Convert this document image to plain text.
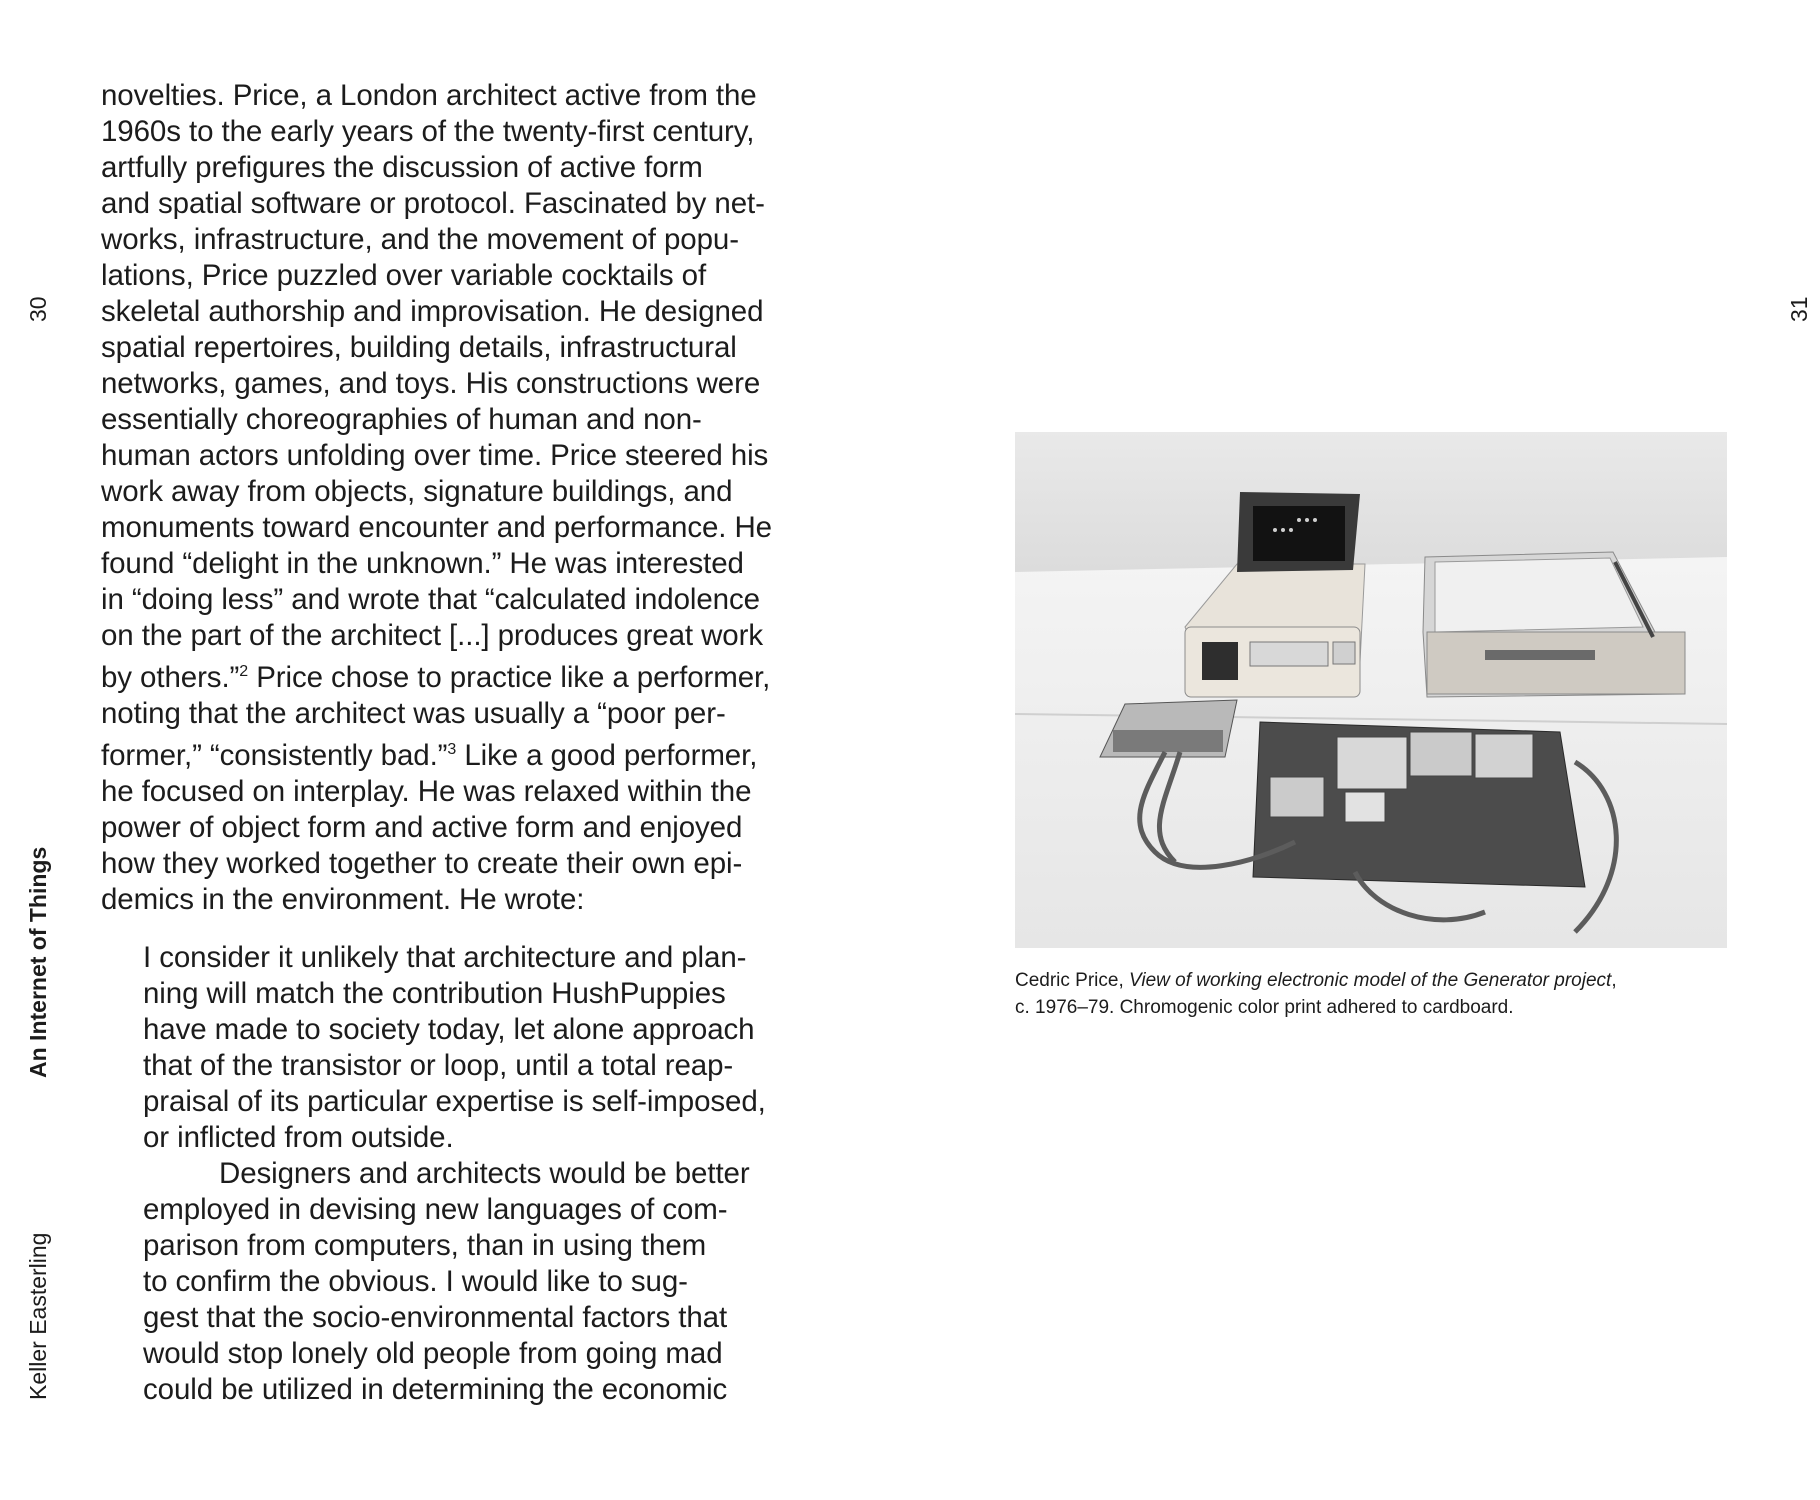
30
An Internet of Things
Keller Easterling
novelties. Price, a London architect active from the
1960s to the early years of the twenty-first century,
artfully prefigures the discussion of active form
and spatial software or protocol. Fascinated by net-
works, infrastructure, and the movement of popu-
lations, Price puzzled over variable cocktails of
skeletal authorship and improvisation. He designed
spatial repertoires, building details, infrastructural
networks, games, and toys. His constructions were
essentially choreographies of human and non-
human actors unfolding over time. Price steered his
work away from objects, signature buildings, and
monuments toward encounter and performance. He
found “delight in the unknown.” He was interested
in “doing less” and wrote that “calculated indolence
on the part of the architect [...] produces great work
by others.”$^2$ Price chose to practice like a performer,
noting that the architect was usually a “poor per-
former,” “consistently bad.”$^3$ Like a good performer,
he focused on interplay. He was relaxed within the
power of object form and active form and enjoyed
how they worked together to create their own epi-
demics in the environment. He wrote:
I consider it unlikely that architecture and plan-
ning will match the contribution HushPuppies
have made to society today, let alone approach
that of the transistor or loop, until a total reap-
praisal of its particular expertise is self-imposed,
or inflicted from outside.
Designers and architects would be better
employed in devising new languages of com-
parison from computers, than in using them
to confirm the obvious. I would like to sug-
gest that the socio-environmental factors that
would stop lonely old people from going mad
could be utilized in determining the economic
31
Cedric Price, View of working electronic model of the Generator project,
c. 1976–79. Chromogenic color print adhered to cardboard.
